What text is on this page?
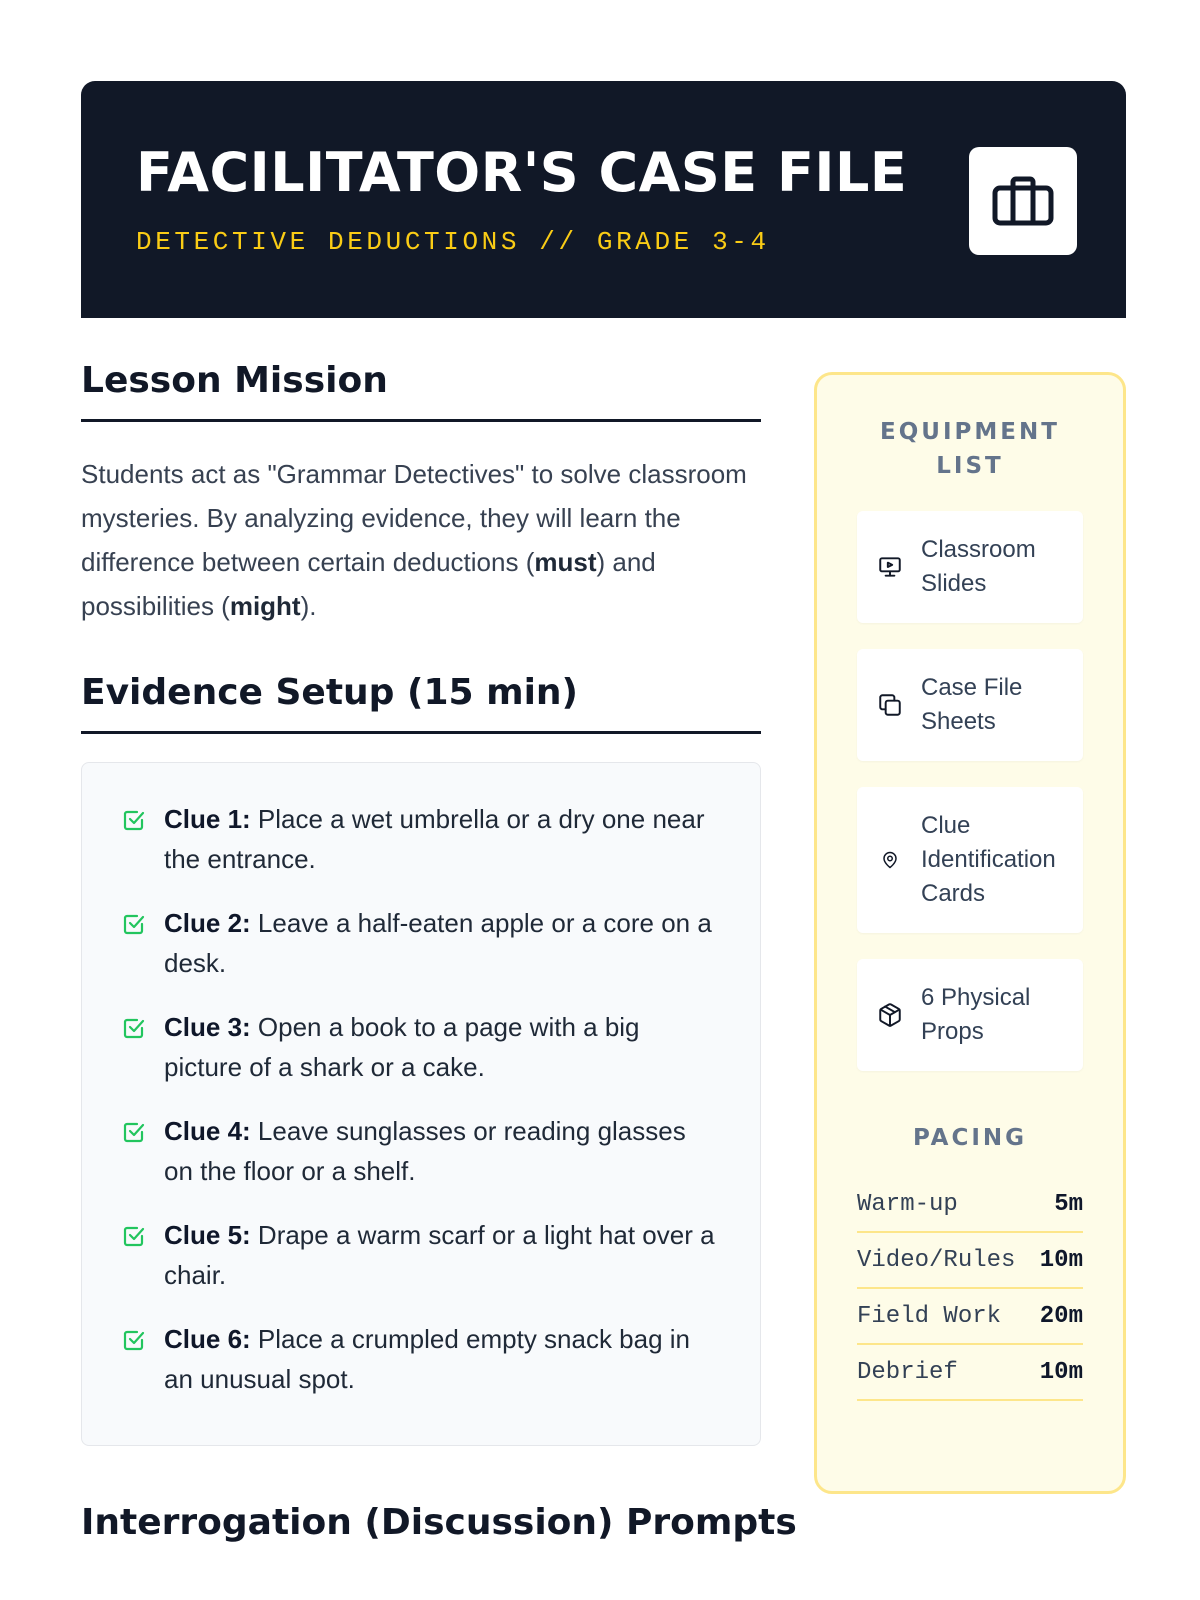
FACILITATOR'S CASE FILE
DETECTIVE DEDUCTIONS // GRADE 3-4
Lesson Mission

Students act as "Grammar Detectives" to solve classroom mysteries. By analyzing evidence, they will learn the difference between certain deductions (must) and possibilities (might).

Evidence Setup (15 min)
Clue 1: Place a wet umbrella or a dry one near the entrance.
Clue 2: Leave a half-eaten apple or a core on a desk.
Clue 3: Open a book to a page with a big picture of a shark or a cake.
Clue 4: Leave sunglasses or reading glasses on the floor or a shelf.
Clue 5: Drape a warm scarf or a light hat over a chair.
Clue 6: Place a crumpled empty snack bag in an unusual spot.
Interrogation (Discussion) Prompts
EQUIPMENT LIST
Classroom Slides
Case File Sheets
Clue Identification Cards
6 Physical Props
PACING
Warm-up	5m
Video/Rules 10m
Field Work 20m
Debrief	10m
